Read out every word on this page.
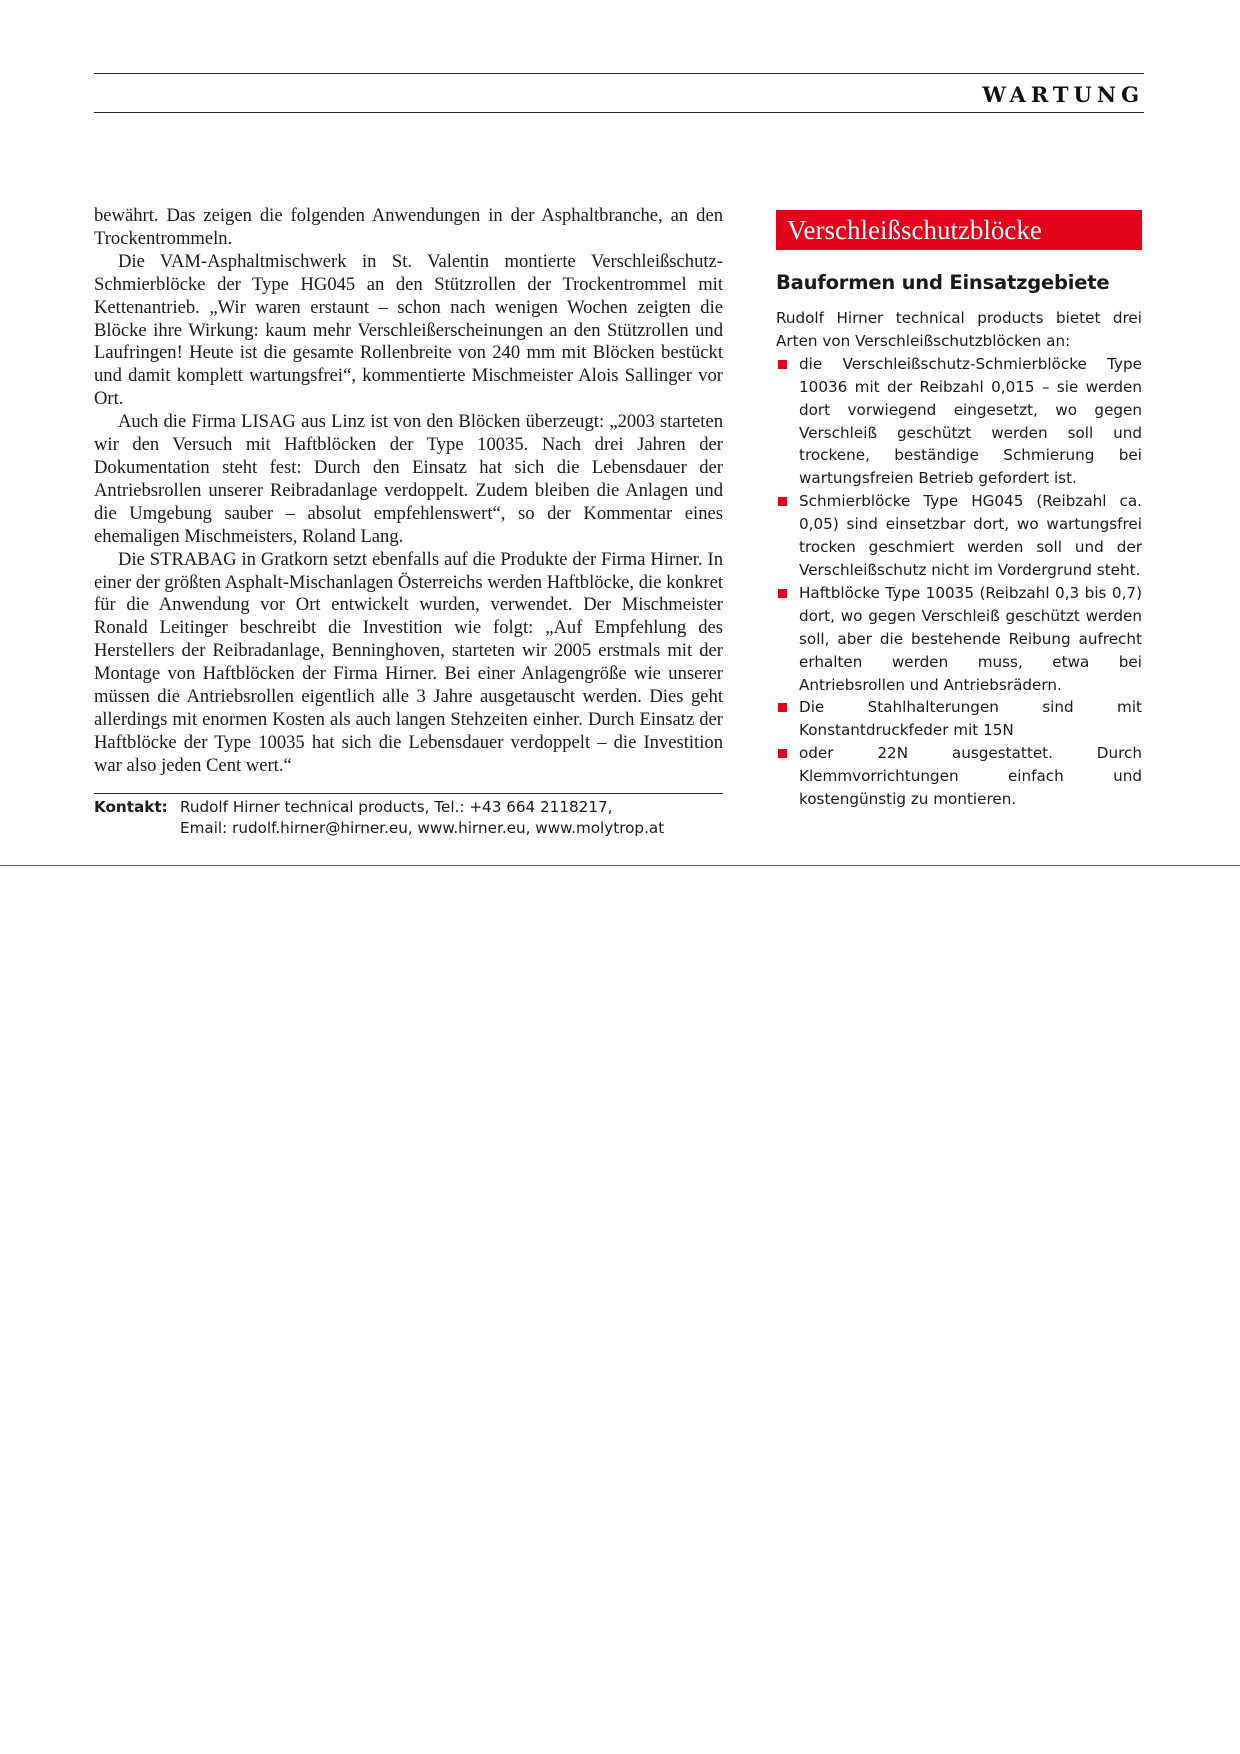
WARTUNG

bewährt. Das zeigen die folgenden Anwendungen in der Asphaltbranche, an den Trockentrommeln.

Die VAM-Asphaltmischwerk in St. Valentin montierte Verschleißschutz-Schmierblöcke der Type HG045 an den Stützrollen der Trockentrommel mit Kettenantrieb. „Wir waren erstaunt – schon nach wenigen Wochen zeigten die Blöcke ihre Wirkung: kaum mehr Verschleißerscheinungen an den Stützrollen und Laufringen! Heute ist die gesamte Rollenbreite von 240 mm mit Blöcken bestückt und damit komplett wartungsfrei“, kommentierte Mischmeister Alois Sallinger vor Ort.

Auch die Firma LISAG aus Linz ist von den Blöcken überzeugt: „2003 starteten wir den Versuch mit Haftblöcken der Type 10035. Nach drei Jahren der Dokumentation steht fest: Durch den Einsatz hat sich die Lebensdauer der Antriebsrollen unserer Reibradanlage verdoppelt. Zudem bleiben die Anlagen und die Umgebung sauber – absolut empfehlenswert“, so der Kommentar eines ehemaligen Mischmeisters, Roland Lang.

Die STRABAG in Gratkorn setzt ebenfalls auf die Produkte der Firma Hirner. In einer der größten Asphalt-Mischanlagen Österreichs werden Haftblöcke, die konkret für die Anwendung vor Ort entwickelt wurden, verwendet. Der Mischmeister Ronald Leitinger beschreibt die Investition wie folgt: „Auf Empfehlung des Herstellers der Reibradanlage, Benninghoven, starteten wir 2005 erstmals mit der Montage von Haftblöcken der Firma Hirner. Bei einer Anlagengröße wie unserer müssen die Antriebsrollen eigentlich alle 3 Jahre ausgetauscht werden. Dies geht allerdings mit enormen Kosten als auch langen Stehzeiten einher. Durch Einsatz der Haftblöcke der Type 10035 hat sich die Lebensdauer verdoppelt – die Investition war also jeden Cent wert.“

Kontakt: Rudolf Hirner technical products, Tel.: +43 664 2118217,
Email: rudolf.hirner@hirner.eu, www.hirner.eu, www.molytrop.at
Verschleißschutzblöcke
Bauformen und Einsatzgebiete
Rudolf Hirner technical products bietet drei Arten von Verschleißschutzblöcken an:
die Verschleißschutz-Schmierblöcke Type 10036 mit der Reibzahl 0,015 – sie werden dort vorwiegend eingesetzt, wo gegen Verschleiß geschützt werden soll und trockene, beständige Schmierung bei wartungsfreien Betrieb gefordert ist.
Schmierblöcke Type HG045 (Reibzahl ca. 0,05) sind einsetzbar dort, wo wartungsfrei trocken geschmiert werden soll und der Verschleißschutz nicht im Vordergrund steht.
Haftblöcke Type 10035 (Reibzahl 0,3 bis 0,7) dort, wo gegen Verschleiß geschützt werden soll, aber die bestehende Reibung aufrecht erhalten werden muss, etwa bei Antriebsrollen und Antriebsrädern.
Die Stahlhalterungen sind mit Konstantdruckfeder mit 15N
oder 22N ausgestattet. Durch Klemmvorrichtungen einfach und kostengünstig zu montieren.
